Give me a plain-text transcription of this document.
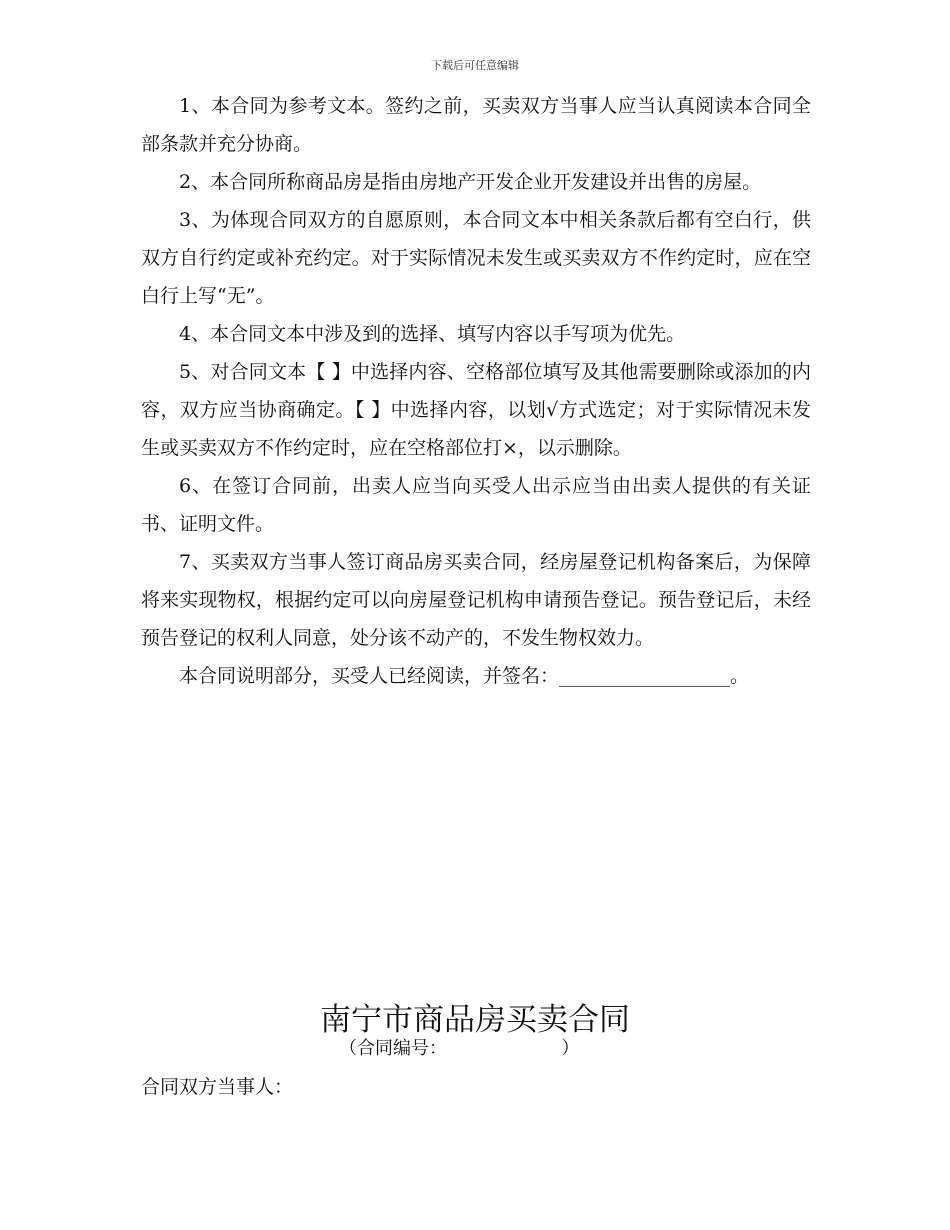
下载后可任意编辑

1、本合同为参考文本。签约之前，买卖双方当事人应当认真阅读本合同全部条款并充分协商。

2、本合同所称商品房是指由房地产开发企业开发建设并出售的房屋。

3、为体现合同双方的自愿原则，本合同文本中相关条款后都有空白行，供双方自行约定或补充约定。对于实际情况未发生或买卖双方不作约定时，应在空白行上写“无”。

4、本合同文本中涉及到的选择、填写内容以手写项为优先。

5、对合同文本【 】中选择内容、空格部位填写及其他需要删除或添加的内容，双方应当协商确定。【 】中选择内容，以划√方式选定；对于实际情况未发生或买卖双方不作约定时，应在空格部位打×，以示删除。

6、在签订合同前，出卖人应当向买受人出示应当由出卖人提供的有关证书、证明文件。

7、买卖双方当事人签订商品房买卖合同，经房屋登记机构备案后，为保障将来实现物权，根据约定可以向房屋登记机构申请预告登记。预告登记后，未经预告登记的权利人同意，处分该不动产的，不发生物权效力。

本合同说明部分，买受人已经阅读，并签名：__________________。

南宁市商品房买卖合同
（合同编号：                    ）
合同双方当事人：
